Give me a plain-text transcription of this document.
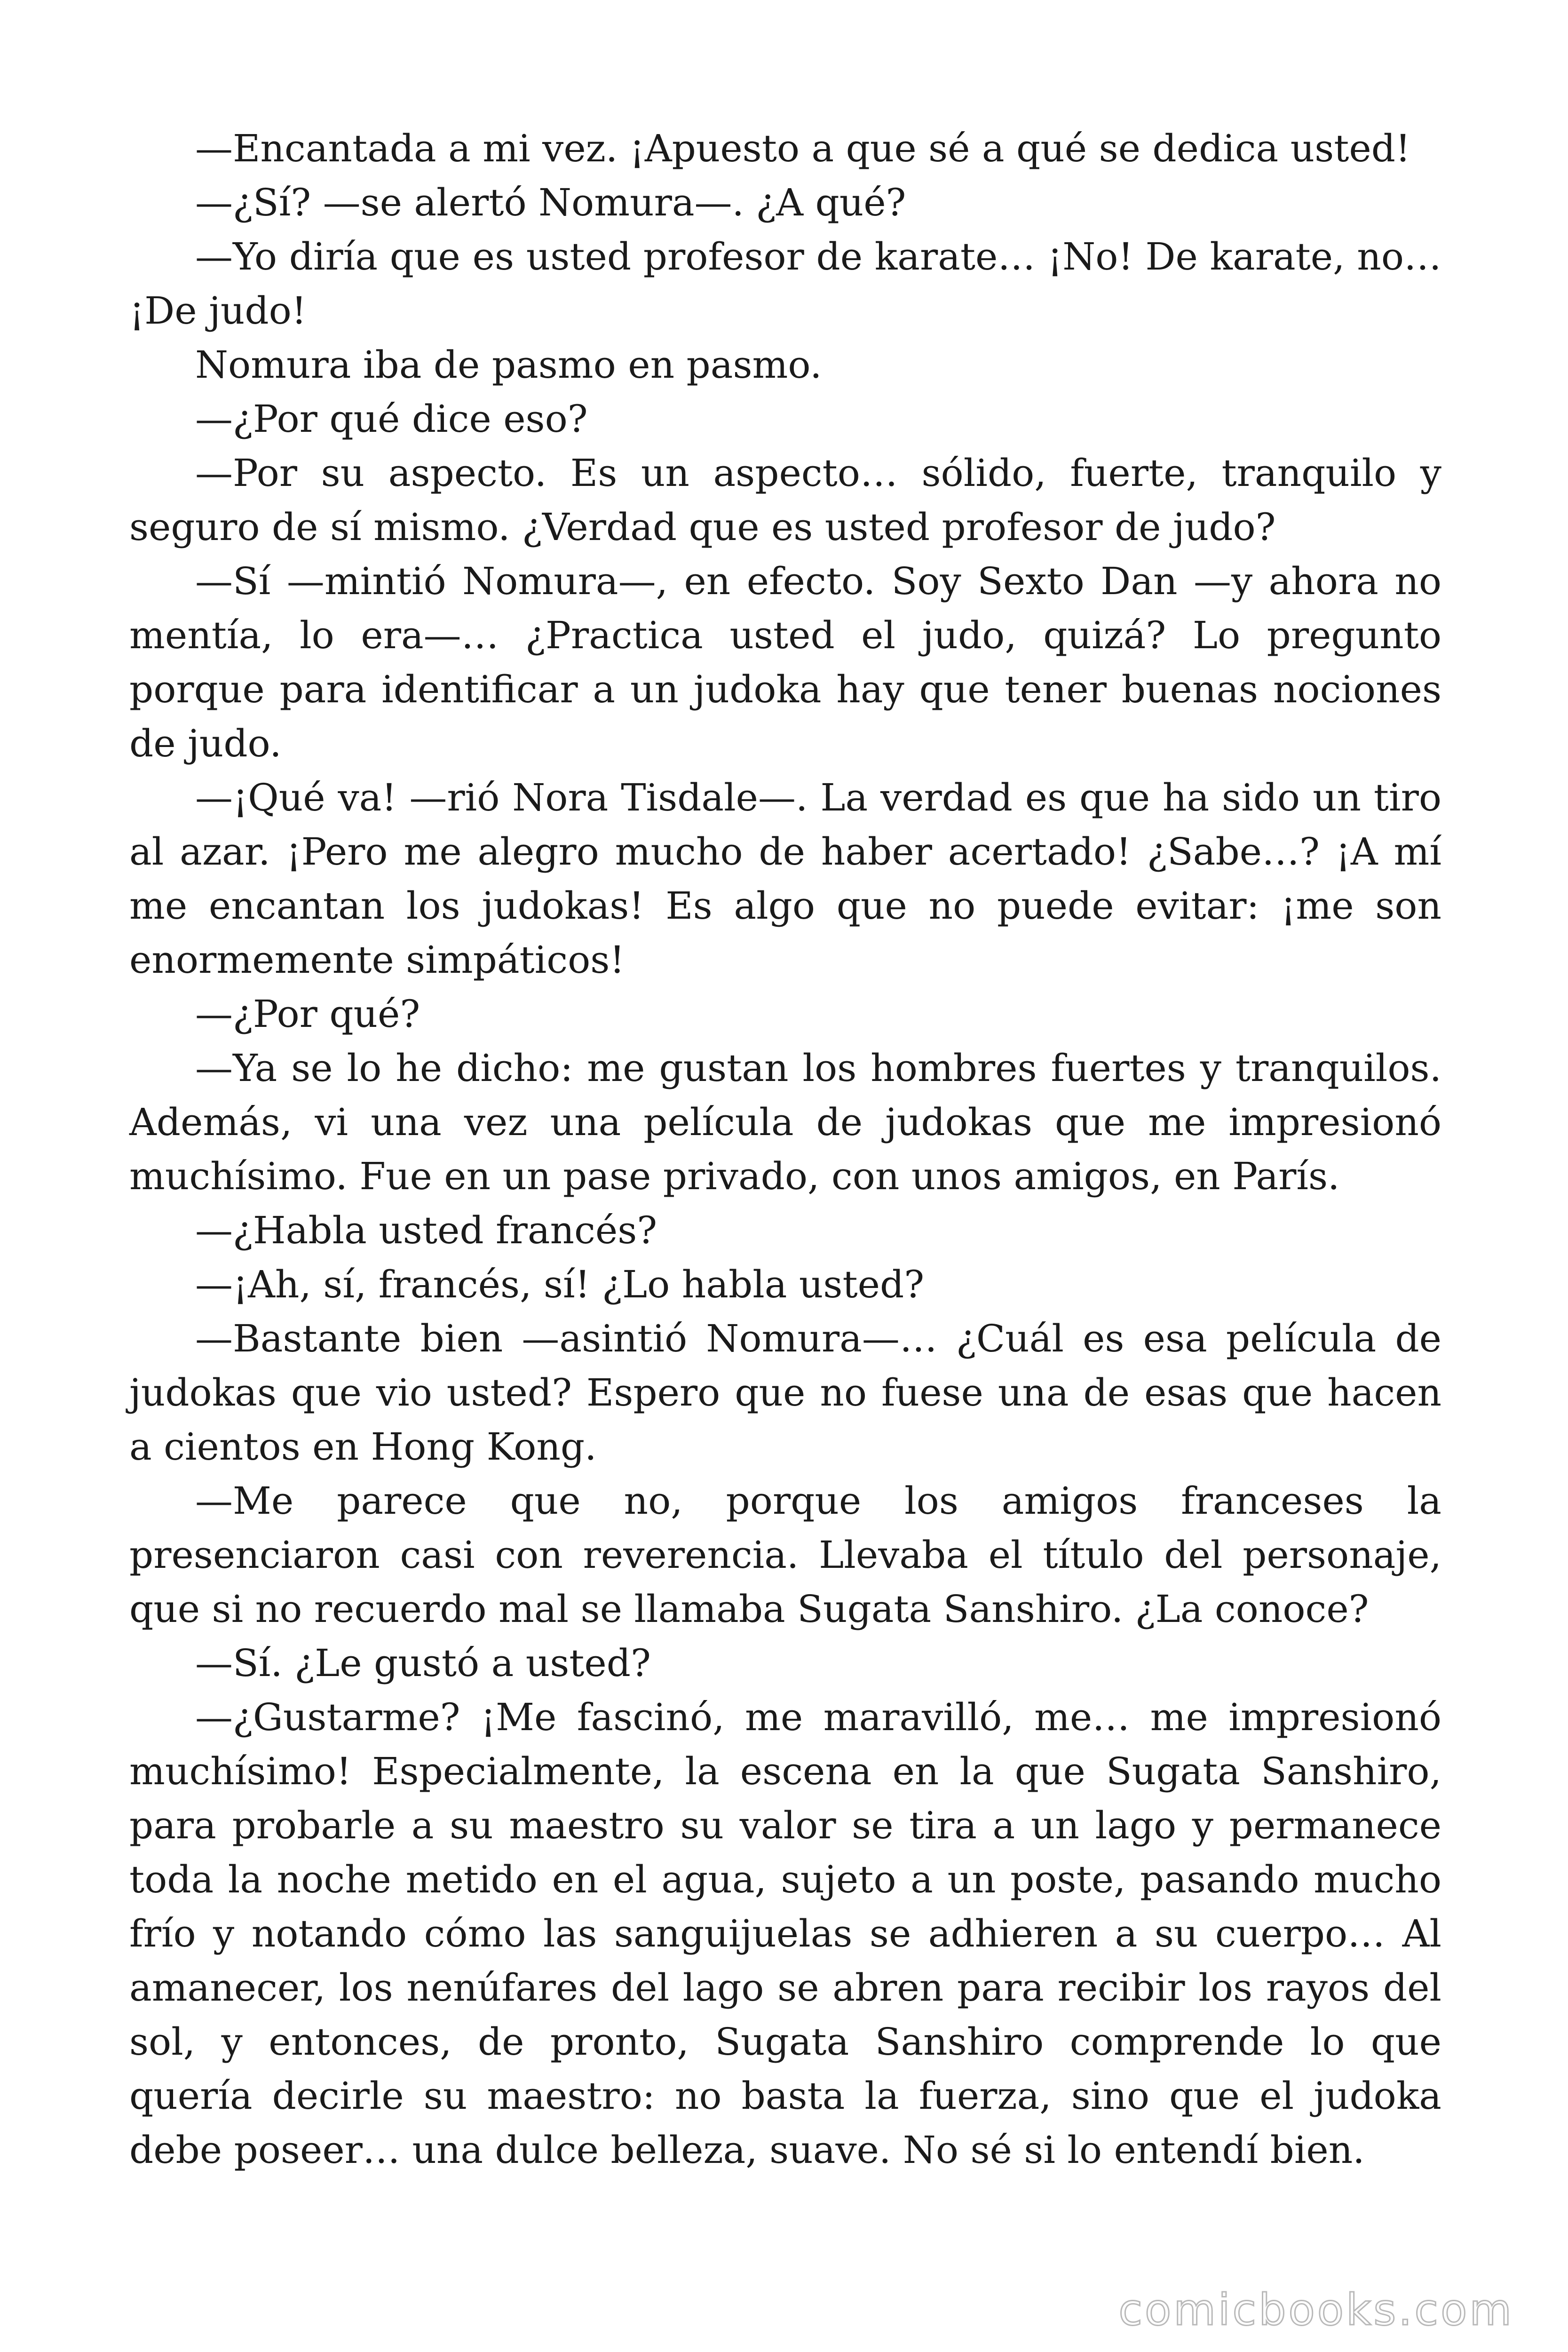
—Encantada a mi vez. ¡Apuesto a que sé a qué se dedica usted!

—¿Sí? —se alertó Nomura—. ¿A qué?

—Yo diría que es usted profesor de karate… ¡No! De karate, no… ¡De judo!

Nomura iba de pasmo en pasmo.

—¿Por qué dice eso?

—Por su aspecto. Es un aspecto… sólido, fuerte, tranquilo y seguro de sí mismo. ¿Verdad que es usted profesor de judo?

—Sí —mintió Nomura—, en efecto. Soy Sexto Dan —y ahora no mentía, lo era—… ¿Practica usted el judo, quizá? Lo pregunto porque para identificar a un judoka hay que tener buenas nociones de judo.

—¡Qué va! —rió Nora Tisdale—. La verdad es que ha sido un tiro al azar. ¡Pero me alegro mucho de haber acertado! ¿Sabe…? ¡A mí me encantan los judokas! Es algo que no puede evitar: ¡me son enormemente simpáticos!

—¿Por qué?

—Ya se lo he dicho: me gustan los hombres fuertes y tranquilos. Además, vi una vez una película de judokas que me impresionó muchísimo. Fue en un pase privado, con unos amigos, en París.

—¿Habla usted francés?

—¡Ah, sí, francés, sí! ¿Lo habla usted?

—Bastante bien —asintió Nomura—… ¿Cuál es esa película de judokas que vio usted? Espero que no fuese una de esas que hacen a cientos en Hong Kong.

—Me parece que no, porque los amigos franceses la presenciaron casi con reverencia. Llevaba el título del personaje, que si no recuerdo mal se llamaba Sugata Sanshiro. ¿La conoce?

—Sí. ¿Le gustó a usted?

—¿Gustarme? ¡Me fascinó, me maravilló, me… me impresionó muchísimo! Especialmente, la escena en la que Sugata Sanshiro, para probarle a su maestro su valor se tira a un lago y permanece toda la noche metido en el agua, sujeto a un poste, pasando mucho frío y notando cómo las sanguijuelas se adhieren a su cuerpo… Al amanecer, los nenúfares del lago se abren para recibir los rayos del sol, y entonces, de pronto, Sugata Sanshiro comprende lo que quería decirle su maestro: no basta la fuerza, sino que el judoka debe poseer… una dulce belleza, suave. No sé si lo entendí bien.

comicbooks.com
